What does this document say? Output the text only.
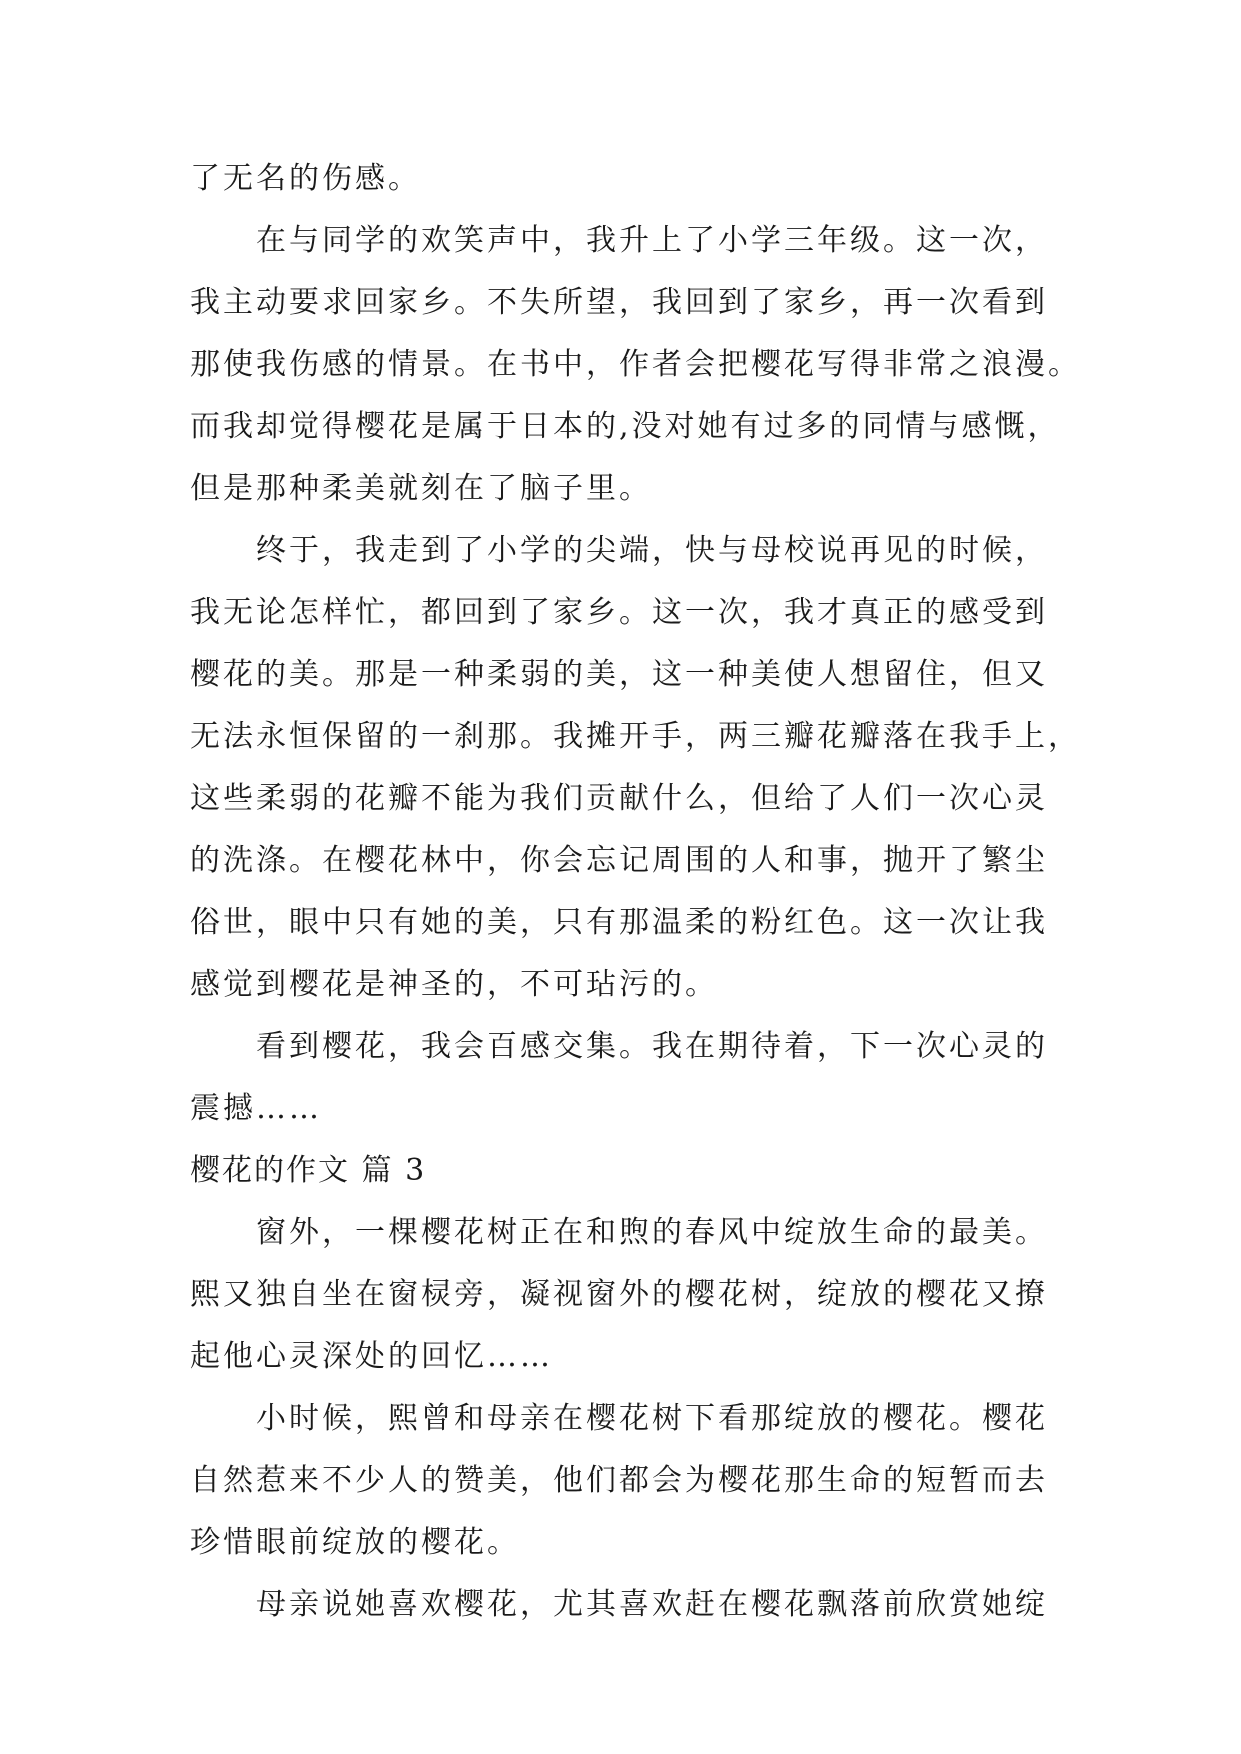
了无名的伤感。
在与同学的欢笑声中，我升上了小学三年级。这一次，
我主动要求回家乡。不失所望，我回到了家乡，再一次看到
那使我伤感的情景。在书中，作者会把樱花写得非常之浪漫。
而我却觉得樱花是属于日本的,没对她有过多的同情与感慨，
但是那种柔美就刻在了脑子里。
终于，我走到了小学的尖端，快与母校说再见的时候，
我无论怎样忙，都回到了家乡。这一次，我才真正的感受到
樱花的美。那是一种柔弱的美，这一种美使人想留住，但又
无法永恒保留的一刹那。我摊开手，两三瓣花瓣落在我手上，
这些柔弱的花瓣不能为我们贡献什么，但给了人们一次心灵
的洗涤。在樱花林中，你会忘记周围的人和事，抛开了繁尘
俗世，眼中只有她的美，只有那温柔的粉红色。这一次让我
感觉到樱花是神圣的，不可玷污的。
看到樱花，我会百感交集。我在期待着，下一次心灵的
震撼……
樱花的作文 篇 3
窗外，一棵樱花树正在和煦的春风中绽放生命的最美。
熙又独自坐在窗棂旁，凝视窗外的樱花树，绽放的樱花又撩
起他心灵深处的回忆……
小时候，熙曾和母亲在樱花树下看那绽放的樱花。樱花
自然惹来不少人的赞美，他们都会为樱花那生命的短暂而去
珍惜眼前绽放的樱花。
母亲说她喜欢樱花，尤其喜欢赶在樱花飘落前欣赏她绽
